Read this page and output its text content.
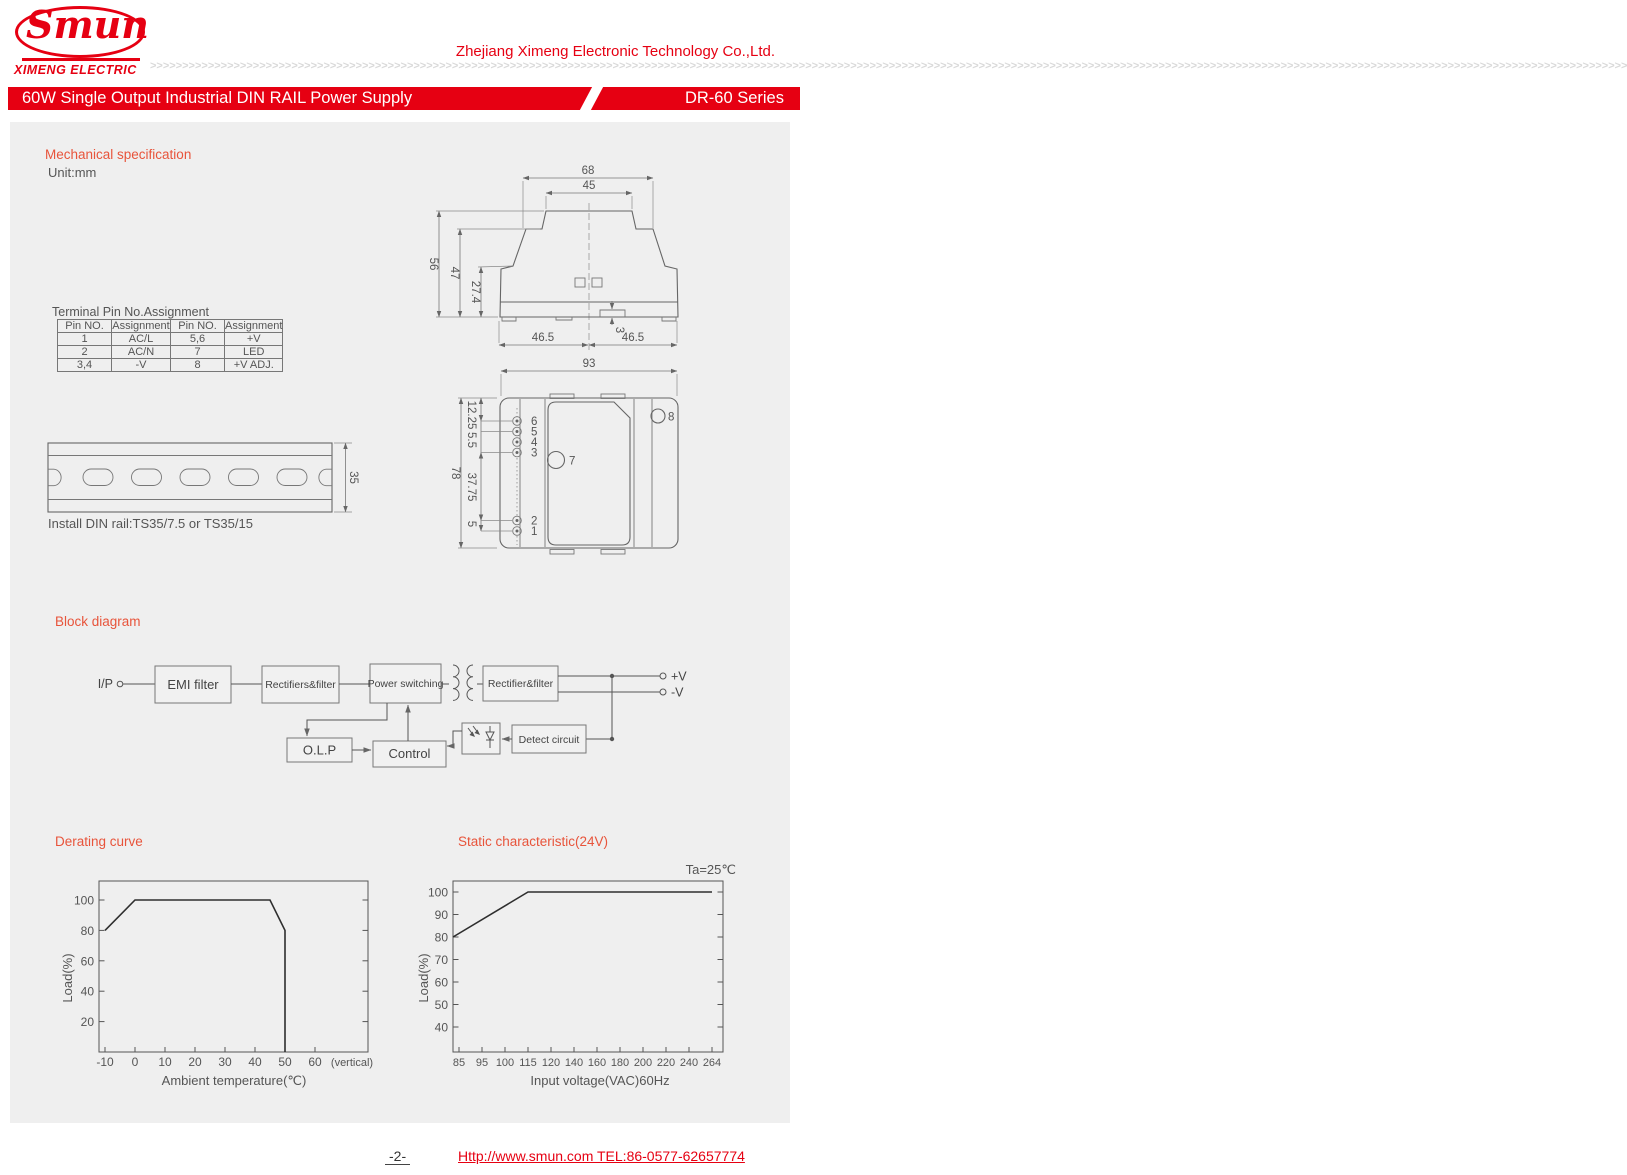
Smun
XIMENG ELECTRIC >>>>>>>>>>>>>>>>>>>>>>>>>>>>>>>>>>>>>>>>>>>>>>>>>>>>>>>>>>>>>>>>>>>>>>>>>>>>>>>>>>>>>>>>>>>>>>>>>>>>>>>>>>>>>>>>>>>>>>>>>>>>>>>>>>>>>>>>>>>>>>>>>>>>>>>>>>>>>>>>>>>>>>>>>>>>>>>>>>>>>>>>>>>>>>>>>>>>>>>>>>>>>>>>>>>>>>>>>>>>>>>>>>>>>>
Zhejiang Ximeng Electronic Technology Co.,Ltd.
60W Single Output Industrial DIN RAIL Power Supply	DR-60 Series
Mechanical specification
Unit:mm
Terminal Pin No.Assignment
Pin NO.	Assignment	Pin NO.	Assignment
1	AC/L	5,6	+V
2	AC/N	7	LED
3,4	-V	8	+V ADJ.
68
45
56
47
27.4
46.5	46.5
3
6
5
4
3
2
1
7
8
93
78
12.25
5.5
37.75
5
35
Install DIN rail:TS35/7.5 or TS35/15
Block diagram
I/P	EMI filter	Rectifiers&filter	Power switching	Rectifier&filter
+V
-V
Detect circuit
Control
O.L.P
Derating curve	Static characteristic(24V)
20
40
60
80
100
-10 0 10 20 30 40 50 60 (vertical)
Ambient temperature(℃)
Load(%)
40
50
60
70
80
90
100
85 95 100 115 120 140 160 180 200 220 240 264
Ta=25℃
Input voltage(VAC)60Hz
Load(%)
-2-	Http://www.smun.com TEL:86-0577-62657774
